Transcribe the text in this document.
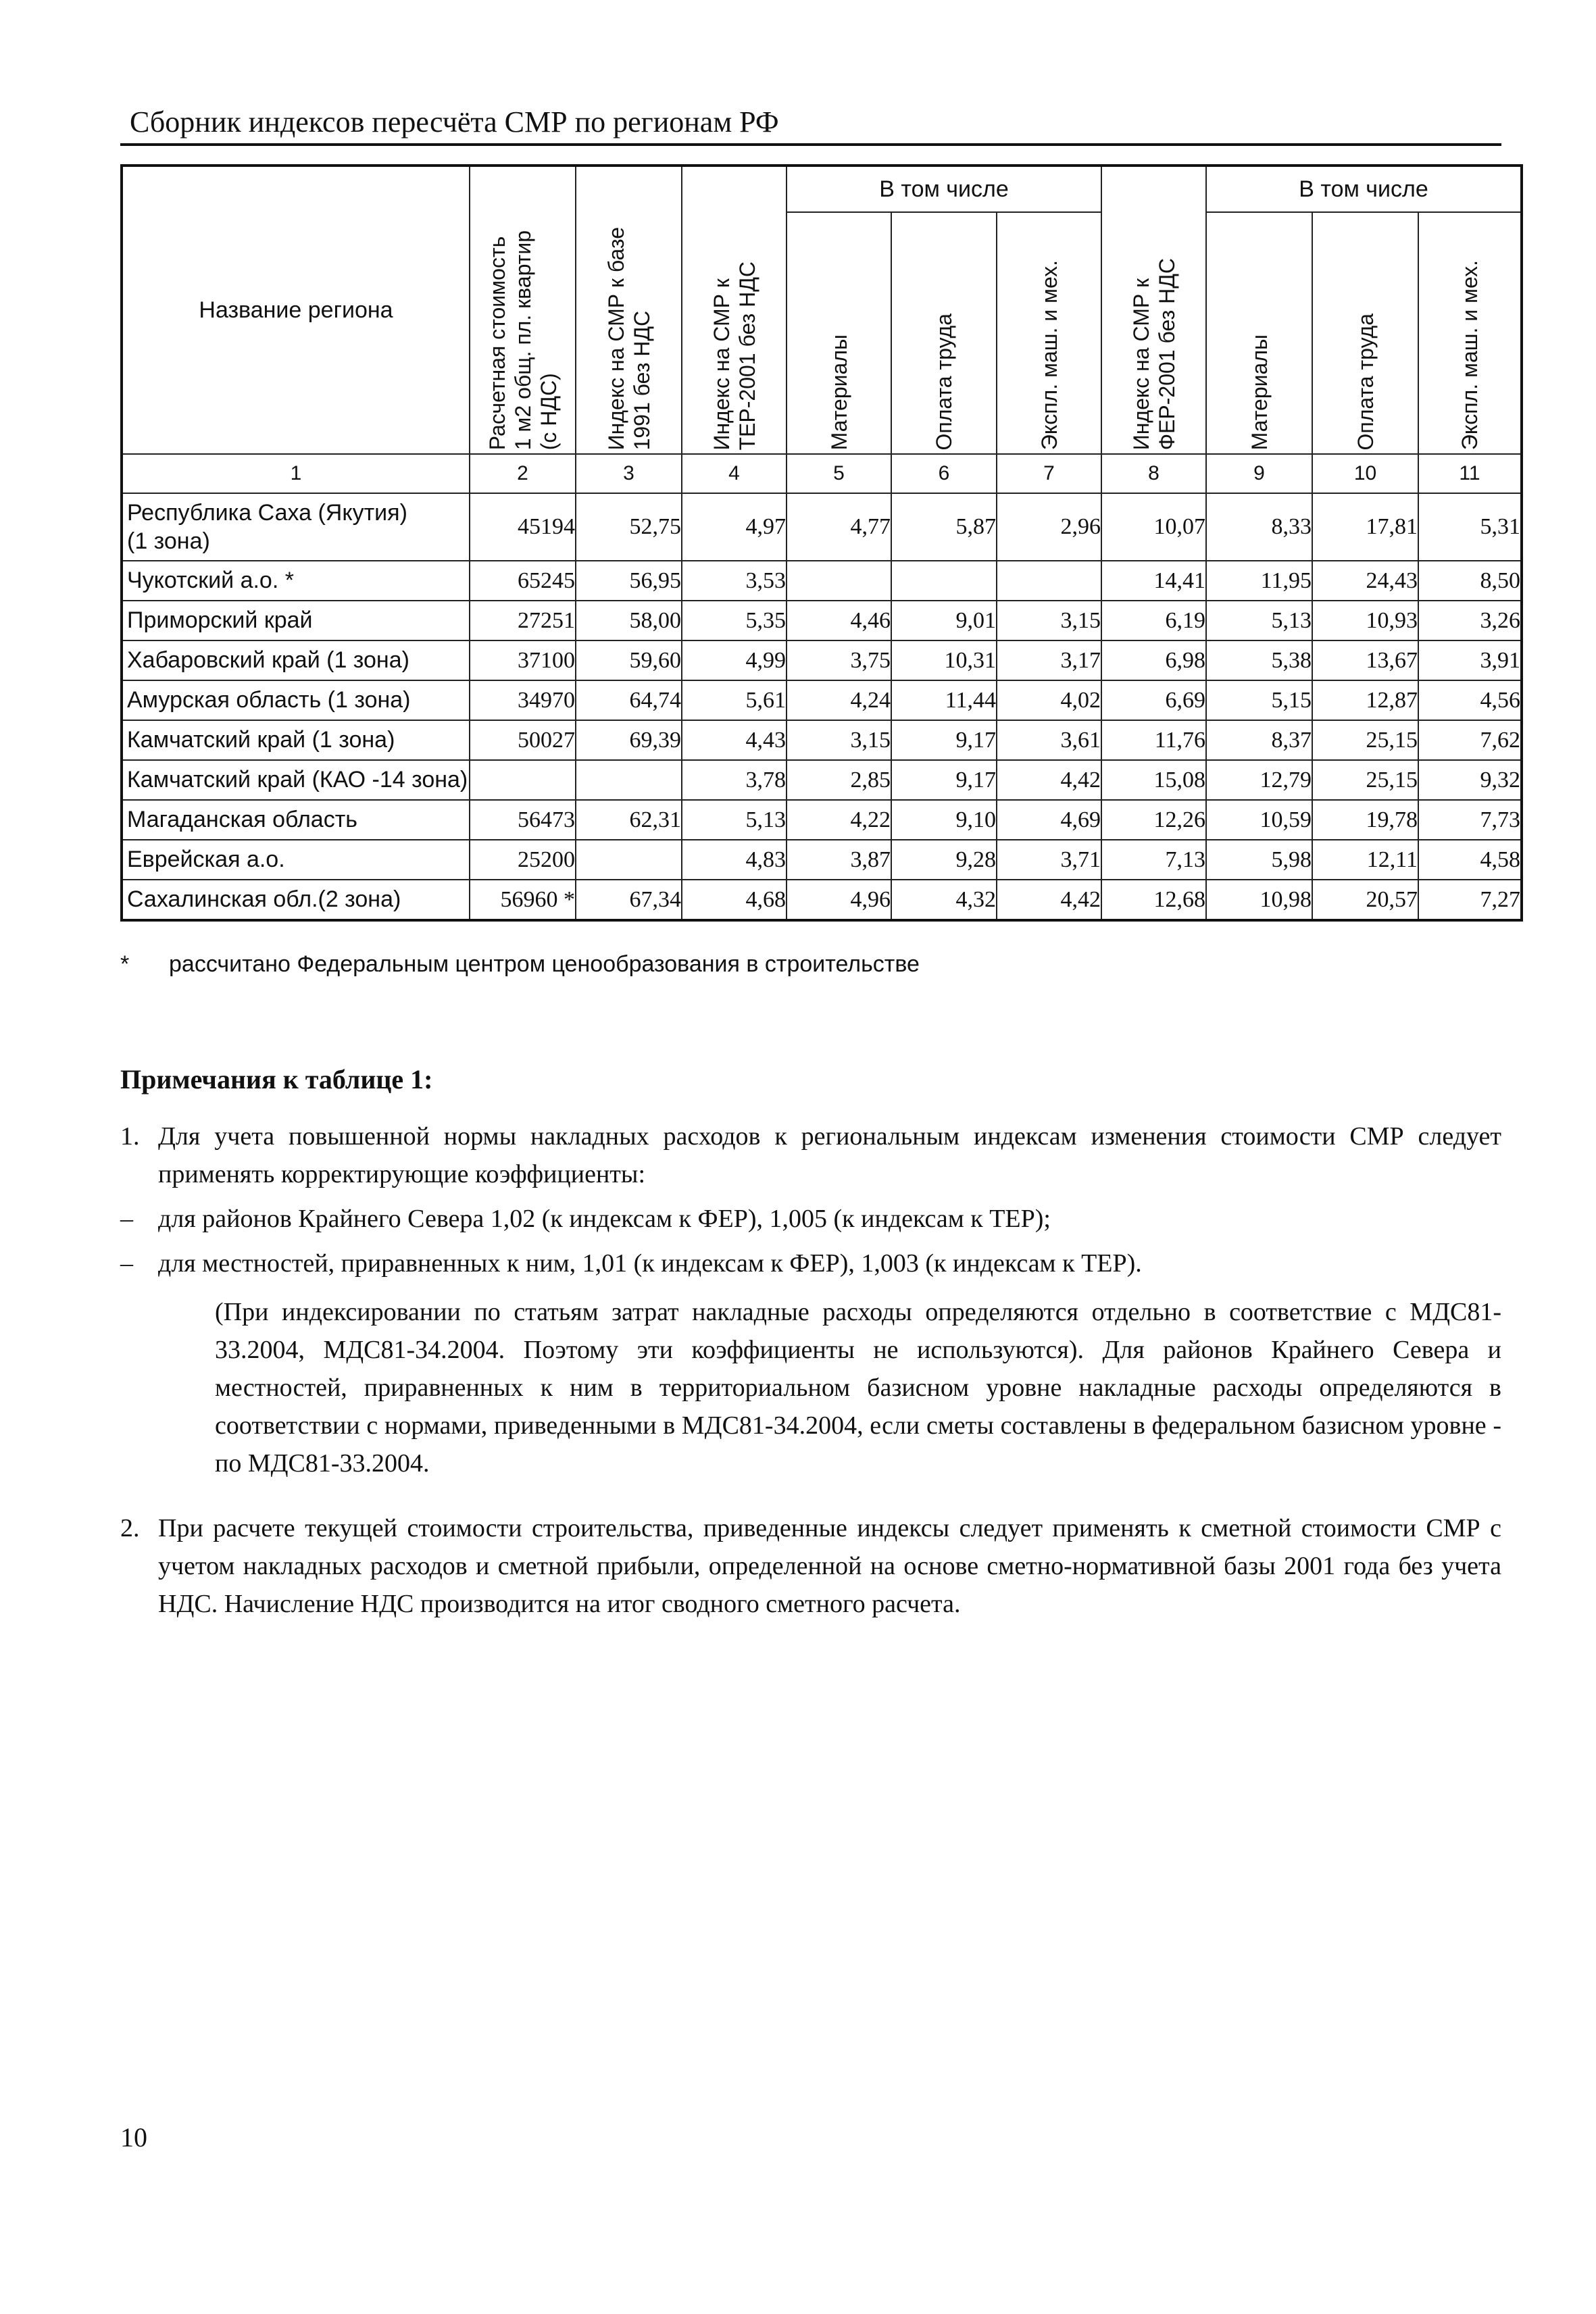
Сборник индексов пересчёта СМР по регионам РФ
Название региона	Расчетная стоимость
1 м2 общ. пл. квартир
(с НДС)	Индекс на СМР к базе
1991 без НДС	Индекс на СМР к
ТЕР-2001 без НДС	В том числе			Индекс на СМР к
ФЕР-2001 без НДС	В том числе		
				Материалы	Оплата труда	Экспл. маш. и мех.		Материалы	Оплата труда	Экспл. маш. и мех.
1	2	3	4	5	6	7	8	9	10	11
Республика Саха (Якутия)
(1 зона)	45194	52,75	4,97	4,77	5,87	2,96	10,07	8,33	17,81	5,31
Чукотский а.о. *	65245	56,95	3,53				14,41	11,95	24,43	8,50
Приморский край	27251	58,00	5,35	4,46	9,01	3,15	6,19	5,13	10,93	3,26
Хабаровский край (1 зона)	37100	59,60	4,99	3,75	10,31	3,17	6,98	5,38	13,67	3,91
Амурская область (1 зона)	34970	64,74	5,61	4,24	11,44	4,02	6,69	5,15	12,87	4,56
Камчатский край (1 зона)	50027	69,39	4,43	3,15	9,17	3,61	11,76	8,37	25,15	7,62
Камчатский край (КАО -14 зона)			3,78	2,85	9,17	4,42	15,08	12,79	25,15	9,32
Магаданская область	56473	62,31	5,13	4,22	9,10	4,69	12,26	10,59	19,78	7,73
Еврейская а.о.	25200		4,83	3,87	9,28	3,71	7,13	5,98	12,11	4,58
Сахалинская обл.(2 зона)	56960 *	67,34	4,68	4,96	4,32	4,42	12,68	10,98	20,57	7,27
* рассчитано Федеральным центром ценообразования в строительстве
Примечания к таблице 1:
1. Для учета повышенной нормы накладных расходов к региональным индексам изменения стоимости СМР следует применять корректирующие коэффициенты:
– для районов Крайнего Севера 1,02 (к индексам к ФЕР), 1,005 (к индексам к ТЕР);
– для местностей, приравненных к ним, 1,01 (к индексам к ФЕР), 1,003 (к индексам к ТЕР).
(При индексировании по статьям затрат накладные расходы определяются отдельно в соответствие с МДС81-33.2004, МДС81-34.2004. Поэтому эти коэффициенты не используются). Для районов Крайнего Севера и местностей, приравненных к ним в территориальном базисном уровне накладные расходы определяются в соответствии с нормами, приведенными в МДС81-34.2004, если сметы составлены в федеральном базисном уровне - по МДС81-33.2004.
2. При расчете текущей стоимости строительства, приведенные индексы следует применять к сметной стоимости СМР с учетом накладных расходов и сметной прибыли, определенной на основе сметно-нормативной базы 2001 года без учета НДС. Начисление НДС производится на итог сводного сметного расчета.
10
